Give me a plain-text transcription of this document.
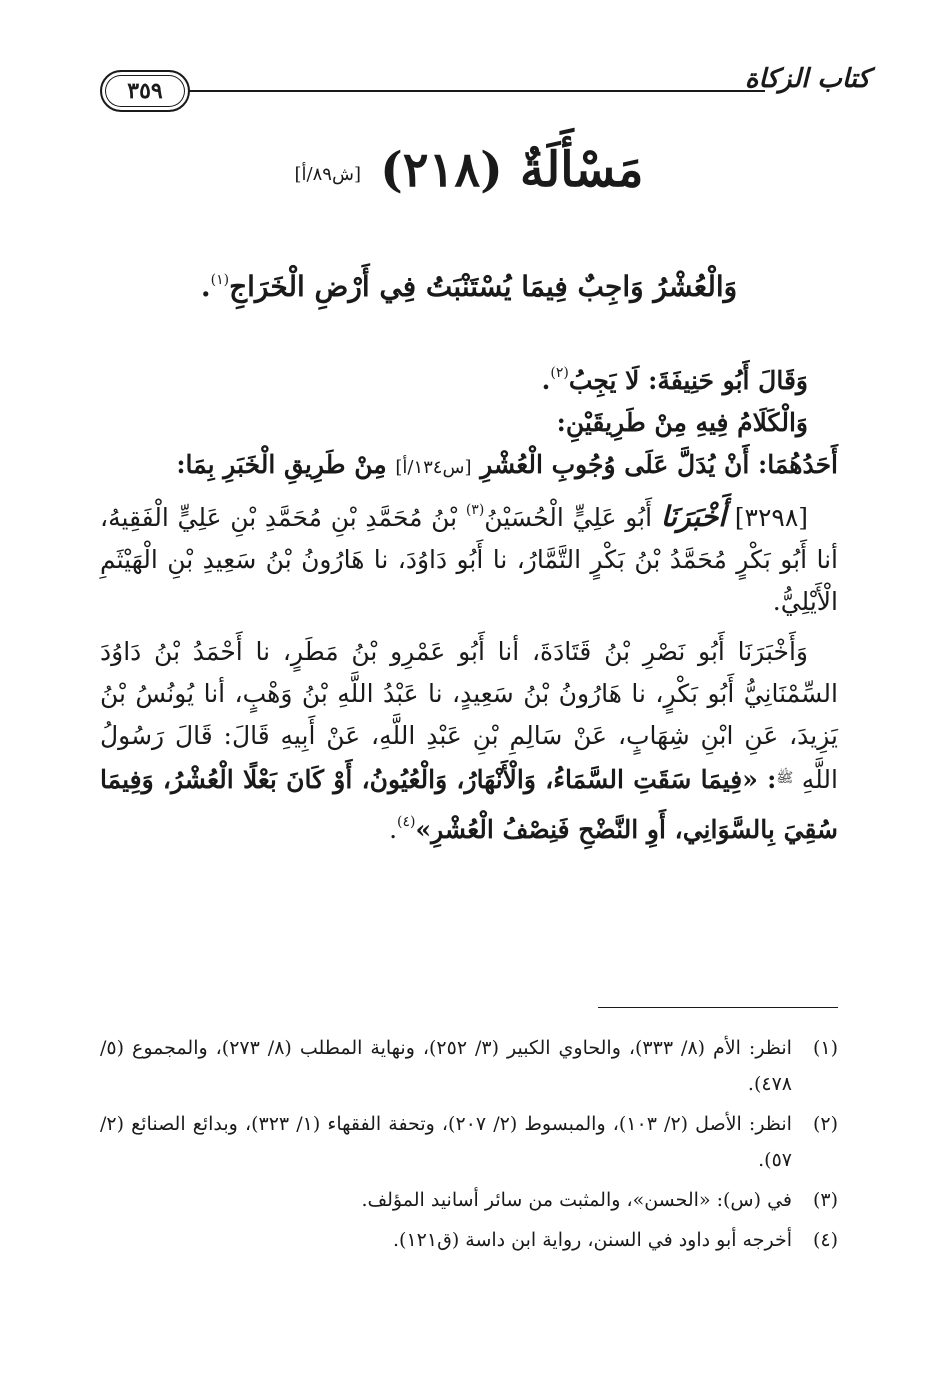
كتاب الزكاة
٣٥٩
مَسْأَلَةٌ (٢١٨) [ش٨٩/أ]
وَالْعُشْرُ وَاجِبٌ فِيمَا يُسْتَنْبَتُ فِي أَرْضِ الْخَرَاجِ$^{(١)}$.

وَقَالَ أَبُو حَنِيفَةَ: لَا يَجِبُ$^{(٢)}$.

وَالْكَلَامُ فِيهِ مِنْ طَرِيقَيْنِ:

أَحَدُهُمَا: أَنْ يُدَلَّ عَلَى وُجُوبِ الْعُشْرِ [س١٣٤/أ] مِنْ طَرِيقِ الْخَبَرِ بِمَا:

[٣٢٩٨] أَخْبَرَنَا أَبُو عَلِيٍّ الْحُسَيْنُ$^{(٣)}$ بْنُ مُحَمَّدِ بْنِ مُحَمَّدِ بْنِ عَلِيٍّ الْفَقِيهُ، أنا أَبُو بَكْرٍ مُحَمَّدُ بْنُ بَكْرٍ التَّمَّارُ، نا أَبُو دَاوُدَ، نا هَارُونُ بْنُ سَعِيدِ بْنِ الْهَيْثَمِ الْأَيْلِيُّ.

وَأَخْبَرَنَا أَبُو نَصْرِ بْنُ قَتَادَةَ، أنا أَبُو عَمْرِو بْنُ مَطَرٍ، نا أَحْمَدُ بْنُ دَاوُدَ السِّمْنَانِيُّ أَبُو بَكْرٍ، نا هَارُونُ بْنُ سَعِيدٍ، نا عَبْدُ اللَّهِ بْنُ وَهْبٍ، أنا يُونُسُ بْنُ يَزِيدَ، عَنِ ابْنِ شِهَابٍ، عَنْ سَالِمِ بْنِ عَبْدِ اللَّهِ، عَنْ أَبِيهِ قَالَ: قَالَ رَسُولُ اللَّهِ $^ﷺ$: «فِيمَا سَقَتِ السَّمَاءُ، وَالْأَنْهَارُ، وَالْعُيُونُ، أَوْ كَانَ بَعْلًا الْعُشْرُ، وَفِيمَا سُقِيَ بِالسَّوَانِي، أَوِ النَّضْحِ فَنِصْفُ الْعُشْرِ»$^{(٤)}$.

(١)
انظر: الأم (٨/ ٣٣٣)، والحاوي الكبير (٣/ ٢٥٢)، ونهاية المطلب (٨/ ٢٧٣)، والمجموع (٥/ ٤٧٨).
(٢)
انظر: الأصل (٢/ ١٠٣)، والمبسوط (٢/ ٢٠٧)، وتحفة الفقهاء (١/ ٣٢٣)، وبدائع الصنائع (٢/ ٥٧).
(٣)
في (س): «الحسن»، والمثبت من سائر أسانيد المؤلف.
(٤)
أخرجه أبو داود في السنن، رواية ابن داسة (ق١٢١).
